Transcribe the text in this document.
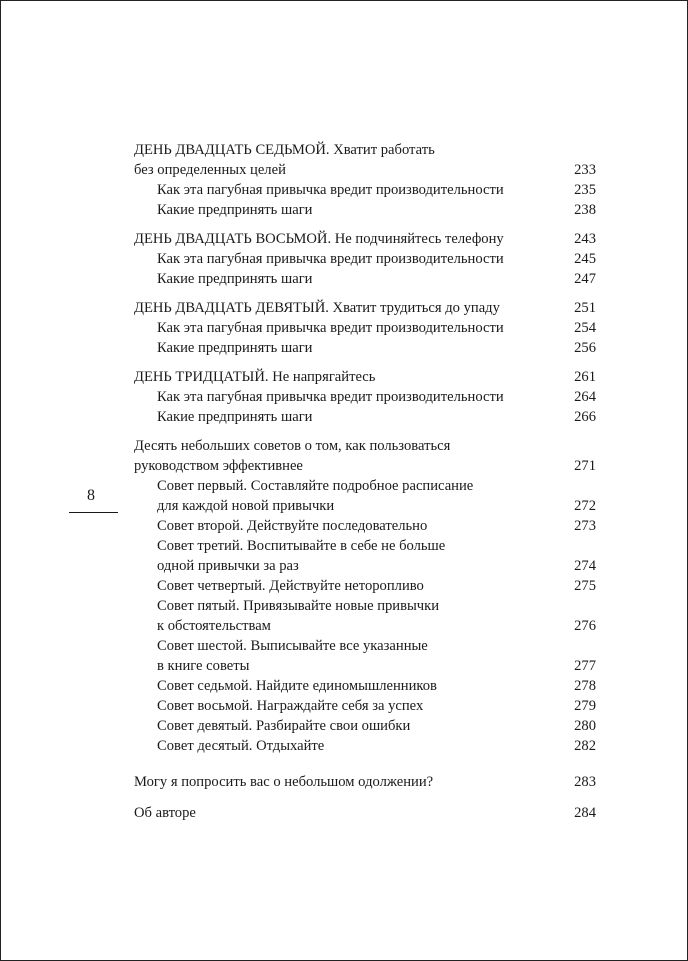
ДЕНЬ ДВАДЦАТЬ СЕДЬМОЙ. Хватит работать
без определенных целей	233
Как эта пагубная привычка вредит производительности	235
Какие предпринять шаги	238
ДЕНЬ ДВАДЦАТЬ ВОСЬМОЙ. Не подчиняйтесь телефону	243
Как эта пагубная привычка вредит производительности	245
Какие предпринять шаги	247
ДЕНЬ ДВАДЦАТЬ ДЕВЯТЫЙ. Хватит трудиться до упаду	251
Как эта пагубная привычка вредит производительности	254
Какие предпринять шаги	256
ДЕНЬ ТРИДЦАТЫЙ. Не напрягайтесь	261
Как эта пагубная привычка вредит производительности	264
Какие предпринять шаги	266
Десять небольших советов о том, как пользоваться
руководством эффективнее	271
Совет первый. Составляйте подробное расписание
для каждой новой привычки	272
Совет второй. Действуйте последовательно	273
Совет третий. Воспитывайте в себе не больше
одной привычки за раз	274
Совет четвертый. Действуйте неторопливо	275
Совет пятый. Привязывайте новые привычки
к обстоятельствам	276
Совет шестой. Выписывайте все указанные
в книге советы	277
Совет седьмой. Найдите единомышленников	278
Совет восьмой. Награждайте себя за успех	279
Совет девятый. Разбирайте свои ошибки	280
Совет десятый. Отдыхайте	282
Могу я попросить вас о небольшом одолжении?	283
Об авторе	284
8
